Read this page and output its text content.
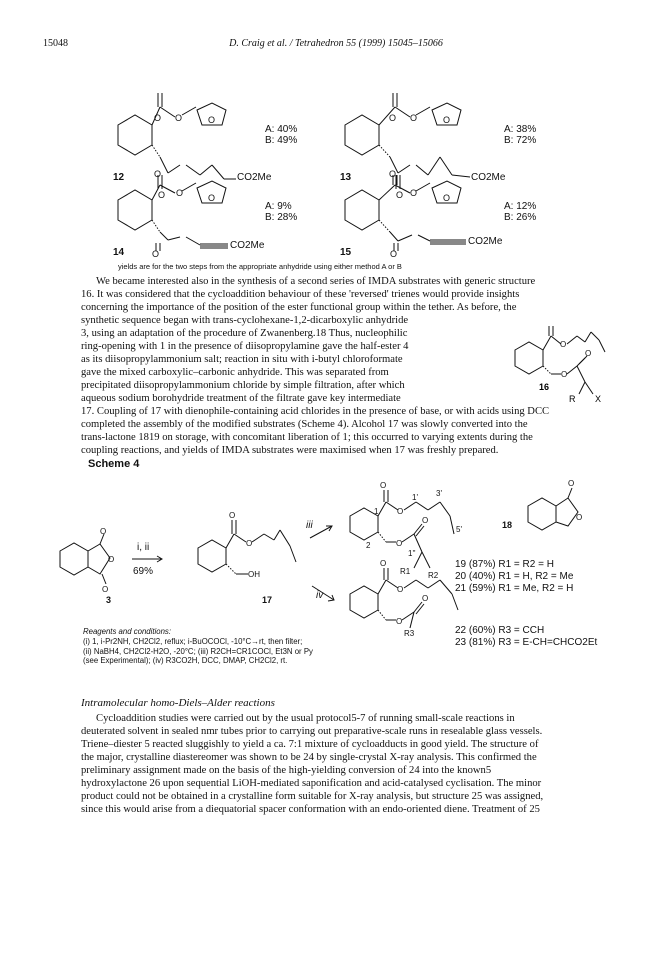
15048	D. Craig et al. / Tetrahedron 55 (1999) 15045–15066
O O	O
O
O O	O
O
O
O	O
O
O
O	O
O
CO2Me	CO2Me
CO2Me	CO2Me
A: 40%
B: 49%
A: 38%
B: 72%
A: 9%
B: 28%
A: 12%
B: 26%
12	13
14	15
yields are for the two steps from the appropriate anhydride using either method A or B

We became interested also in the synthesis of a second series of IMDA substrates with generic structure

16. It was considered that the cycloaddition behaviour of these 'reversed' trienes would provide insights

concerning the importance of the position of the ester functional group within the tether. As before, the

synthetic sequence began with trans-cyclohexane-1,2-dicarboxylic anhydride

3, using an adaptation of the procedure of Zwanenberg.18 Thus, nucleophilic

ring-opening with 1 in the presence of diisopropylamine gave the half-ester 4

as its diisopropylammonium salt; reaction in situ with i-butyl chloroformate

gave the mixed carboxylic–carbonic anhydride. This was separated from

precipitated diisopropylammonium chloride by simple filtration, after which

aqueous sodium borohydride treatment of the filtrate gave key intermediate

17. Coupling of 17 with dienophile-containing acid chlorides in the presence of base, or with acids using DCC

completed the assembly of the modified substrates (Scheme 4). Alcohol 17 was slowly converted into the

trans-lactone 1819 on storage, with concomitant liberation of 1; this occurred to varying extents during the

coupling reactions, and yields of IMDA substrates were maximised when 17 was freshly prepared.

O
O
O
16
R X
Scheme 4
O
O
O
O
O
O
O
O
O
O
O
O
O
O
O
3	17
18
OH
1
2
1' 3'
5'
1''
R1 R2
R3
i, ii
69%
iii
iv
19 (87%) R1 = R2 = H
20 (40%) R1 = H, R2 = Me
21 (59%) R1 = Me, R2 = H
22 (60%) R3 = CCH
23 (81%) R3 = E-CH=CHCO2Et
Reagents and conditions:
(i) 1, i-Pr2NH, CH2Cl2, reflux; i-BuOCOCl, -10°C→rt, then filter;
(ii) NaBH4, CH2Cl2-H2O, -20°C; (iii) R2CH=CR1COCl, Et3N or Py
(see Experimental); (iv) R3CO2H, DCC, DMAP, CH2Cl2, rt.
Intramolecular homo-Diels–Alder reactions

Cycloaddition studies were carried out by the usual protocol5-7 of running small-scale reactions in

deuterated solvent in sealed nmr tubes prior to carrying out preparative-scale runs in resealable glass vessels.

Triene–diester 5 reacted sluggishly to yield a ca. 7:1 mixture of cycloadducts in good yield. The structure of

the major, crystalline diastereomer was shown to be 24 by single-crystal X-ray analysis. This confirmed the

preliminary assignment made on the basis of the high-yielding conversion of 24 into the known5

hydroxylactone 26 upon sequential LiOH-mediated saponification and acid-catalysed cyclisation. The minor

product could not be obtained in a crystalline form suitable for X-ray analysis, but structure 25 was assigned,

since this would arise from a diequatorial spacer conformation with an endo-oriented diene. Treatment of 25
